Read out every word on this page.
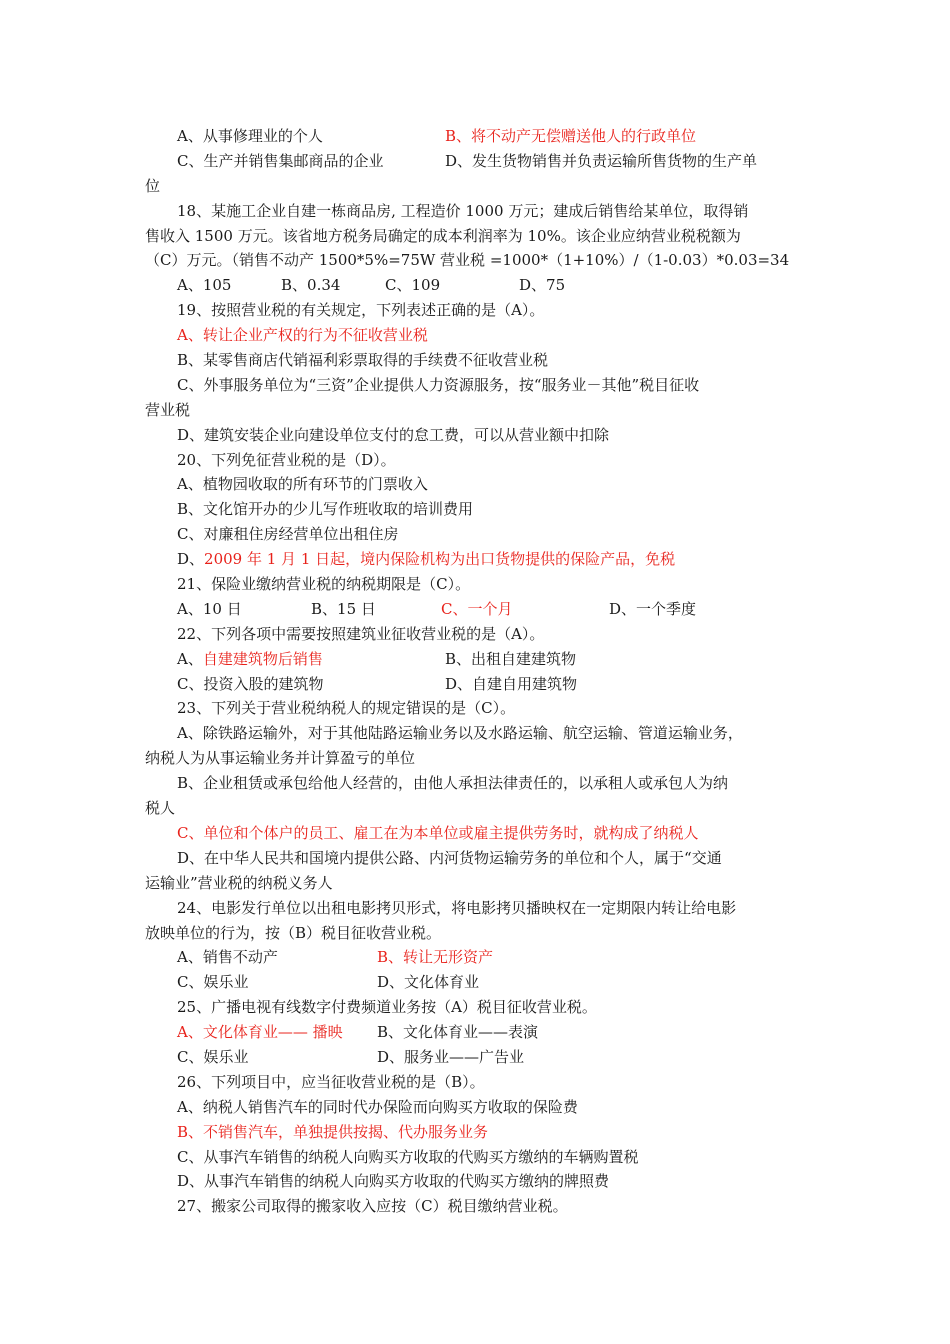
A、从事修理业的个人	B、将不动产无偿赠送他人的行政单位
C、生产并销售集邮商品的企业	D、发生货物销售并负责运输所售货物的生产单
位
18、某施工企业自建一栋商品房, 工程造价 1000 万元；建成后销售给某单位，取得销
售收入 1500 万元。该省地方税务局确定的成本利润率为 10%。该企业应纳营业税税额为
（C）万元。（销售不动产 1500*5%=75W 营业税 =1000*（1+10%）/（1-0.03）*0.03=34
A、105	B、0.34	C、109	D、75
19、按照营业税的有关规定，下列表述正确的是（A）。
A、转让企业产权的行为不征收营业税
B、某零售商店代销福利彩票取得的手续费不征收营业税
C、外事服务单位为“三资”企业提供人力资源服务，按“服务业－其他”税目征收
营业税
D、建筑安装企业向建设单位支付的怠工费，可以从营业额中扣除
20、下列免征营业税的是（D）。
A、植物园收取的所有环节的门票收入
B、文化馆开办的少儿写作班收取的培训费用
C、对廉租住房经营单位出租住房
D、2009 年 1 月 1 日起，境内保险机构为出口货物提供的保险产品，免税
21、保险业缴纳营业税的纳税期限是（C）。
A、10 日	B、15 日	C、一个月	D、一个季度
22、下列各项中需要按照建筑业征收营业税的是（A）。
A、自建建筑物后销售	B、出租自建建筑物
C、投资入股的建筑物	D、自建自用建筑物
23、下列关于营业税纳税人的规定错误的是（C）。
A、除铁路运输外，对于其他陆路运输业务以及水路运输、航空运输、管道运输业务，
纳税人为从事运输业务并计算盈亏的单位
B、企业租赁或承包给他人经营的，由他人承担法律责任的，以承租人或承包人为纳
税人
C、单位和个体户的员工、雇工在为本单位或雇主提供劳务时，就构成了纳税人
D、在中华人民共和国境内提供公路、内河货物运输劳务的单位和个人，属于“交通
运输业”营业税的纳税义务人
24、电影发行单位以出租电影拷贝形式，将电影拷贝播映权在一定期限内转让给电影
放映单位的行为，按（B）税目征收营业税。
A、销售不动产	B、转让无形资产
C、娱乐业	D、文化体育业
25、广播电视有线数字付费频道业务按（A）税目征收营业税。
A、文化体育业—— 播映 B、文化体育业——表演
C、娱乐业	D、服务业——广告业
26、下列项目中，应当征收营业税的是（B）。
A、纳税人销售汽车的同时代办保险而向购买方收取的保险费
B、不销售汽车，单独提供按揭、代办服务业务
C、从事汽车销售的纳税人向购买方收取的代购买方缴纳的车辆购置税
D、从事汽车销售的纳税人向购买方收取的代购买方缴纳的牌照费
27、搬家公司取得的搬家收入应按（C）税目缴纳营业税。
